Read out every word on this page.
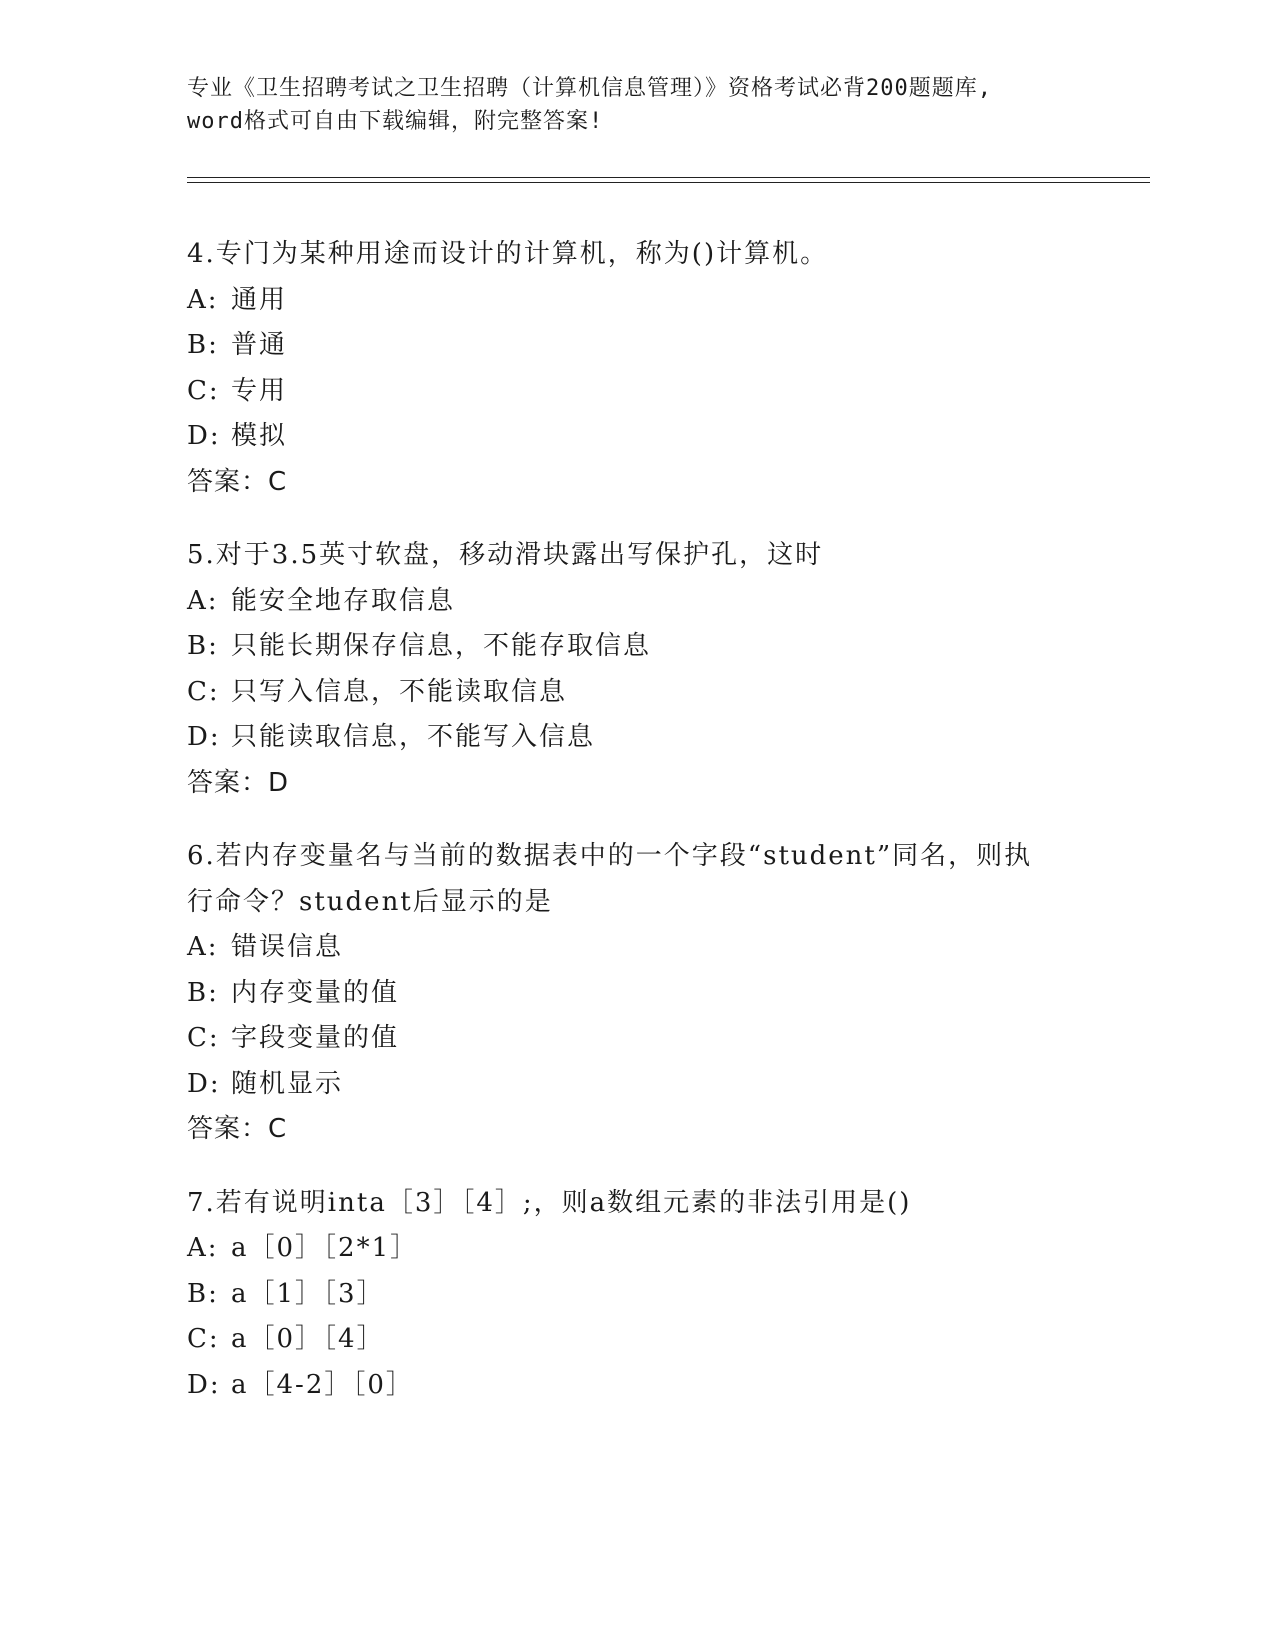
专业《卫生招聘考试之卫生招聘（计算机信息管理）》资格考试必背200题题库,
word格式可自由下载编辑，附完整答案!
4.专门为某种用途而设计的计算机，称为()计算机。
A: 通用
B: 普通
C: 专用
D: 模拟
答案：C
5.对于3.5英寸软盘，移动滑块露出写保护孔，这时
A: 能安全地存取信息
B: 只能长期保存信息，不能存取信息
C: 只写入信息，不能读取信息
D: 只能读取信息，不能写入信息
答案：D
6.若内存变量名与当前的数据表中的一个字段“student”同名，则执
行命令？student后显示的是
A: 错误信息
B: 内存变量的值
C: 字段变量的值
D: 随机显示
答案：C
7.若有说明inta［3］［4］;，则a数组元素的非法引用是()
A: a［0］［2*1］
B: a［1］［3］
C: a［0］［4］
D: a［4-2］［0］
